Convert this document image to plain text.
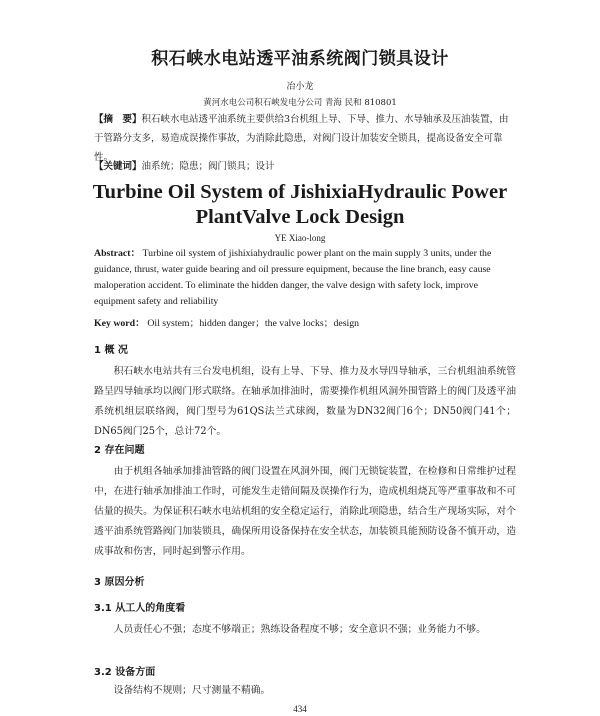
积石峡水电站透平油系统阀门锁具设计
冶小龙
黄河水电公司积石峡发电分公司 青海 民和 810801
【摘　要】积石峡水电站透平油系统主要供给3台机组上导、下导、推力、水导轴承及压油装置，由于管路分支多，易造成误操作事故，为消除此隐患，对阀门设计加装安全锁具，提高设备安全可靠性。
【关键词】油系统；隐患；阀门锁具；设计
Turbine Oil System of JishixiaHydraulic Power
PlantValve Lock Design
YE Xiao-long
Abstract： Turbine oil system of jishixiahydraulic power plant on the main supply 3 units, under the guidance, thrust, water guide bearing and oil pressure equipment, because the line branch, easy cause maloperation accident. To eliminate the hidden danger, the valve design with safety lock, improve equipment safety and reliability
Key word： Oil system；hidden danger；the valve locks；design
1 概 况
积石峡水电站共有三台发电机组，设有上导、下导、推力及水导四导轴承，三台机组油系统管路呈四导轴承均以阀门形式联络。在轴承加排油时，需要操作机组风洞外围管路上的阀门及透平油系统机组层联络阀，阀门型号为61QS法兰式球阀，数量为DN32阀门6个；DN50阀门41个；DN65阀门25个，总计72个。
2 存在问题
由于机组各轴承加排油管路的阀门设置在风洞外围，阀门无锁锭装置，在检修和日常维护过程中，在进行轴承加排油工作时，可能发生走错间隔及误操作行为，造成机组烧瓦等严重事故和不可估量的损失。为保证积石峡水电站机组的安全稳定运行，消除此项隐患，结合生产现场实际，对个透平油系统管路阀门加装锁具，确保所用设备保持在安全状态，加装锁具能预防设备不慎开动，造成事故和伤害，同时起到警示作用。
3 原因分析
3.1 从工人的角度看
人员责任心不强；态度不够端正；熟练设备程度不够；安全意识不强；业务能力不够。
3.2 设备方面
设备结构不规则；尺寸测量不精确。
434
